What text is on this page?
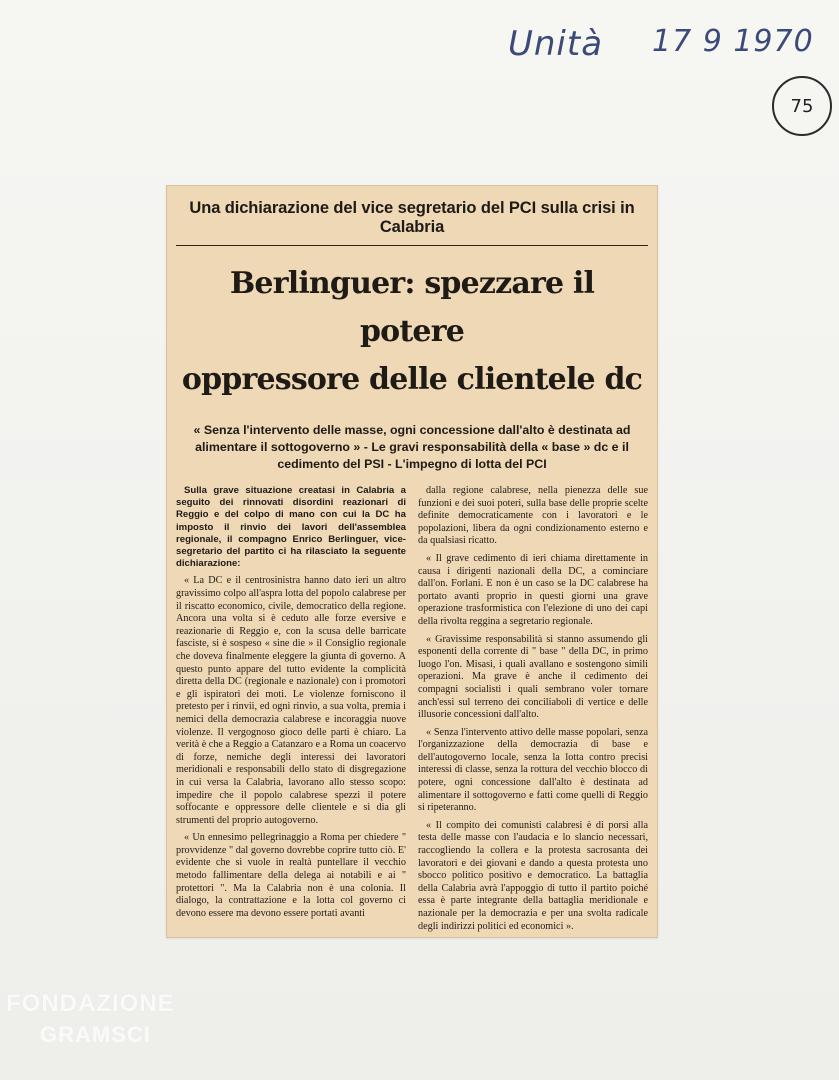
Unità 17 9 1970
75
Una dichiarazione del vice segretario del PCI sulla crisi in Calabria
Berlinguer: spezzare il potere
oppressore delle clientele dc
« Senza l'intervento delle masse, ogni concessione dall'alto è destinata ad alimentare il sottogoverno » - Le gravi responsabilità della « base » dc e il cedimento del PSI - L'impegno di lotta del PCI

Sulla grave situazione creatasi in Calabria a seguito dei rinnovati disordini reazionari di Reggio e del colpo di mano con cui la DC ha imposto il rinvio dei lavori dell'assemblea regionale, il compagno Enrico Berlinguer, vice-segretario del partito ci ha rilasciato la seguente dichiarazione:

« La DC e il centrosinistra hanno dato ieri un altro gravissimo colpo all'aspra lotta del popolo calabrese per il riscatto economico, civile, democratico della regione. Ancora una volta si è ceduto alle forze eversive e reazionarie di Reggio e, con la scusa delle barricate fasciste, si è sospeso « sine die » il Consiglio regionale che doveva finalmente eleggere la giunta di governo. A questo punto appare del tutto evidente la complicità diretta della DC (regionale e nazionale) con i promotori e gli ispiratori dei moti. Le violenze forniscono il pretesto per i rinvii, ed ogni rinvio, a sua volta, premia i nemici della democrazia calabrese e incoraggia nuove violenze. Il vergognoso gioco delle parti è chiaro. La verità è che a Reggio a Catanzaro e a Roma un coacervo di forze, nemiche degli interessi dei lavoratori meridionali e responsabili dello stato di disgregazione in cui versa la Calabria, lavorano allo stesso scopo: impedire che il popolo calabrese spezzi il potere soffocante e oppressore delle clientele e si dia gli strumenti del proprio autogoverno.

« Un ennesimo pellegrinaggio a Roma per chiedere " provvidenze " dal governo dovrebbe coprire tutto ciò. E' evidente che si vuole in realtà puntellare il vecchio metodo fallimentare della delega ai notabili e ai " protettori ". Ma la Calabria non è una colonia. Il dialogo, la contrattazione e la lotta col governo ci devono essere ma devono essere portati avanti

dalla regione calabrese, nella pienezza delle sue funzioni e dei suoi poteri, sulla base delle proprie scelte definite democraticamente con i lavoratori e le popolazioni, libera da ogni condizionamento esterno e da qualsiasi ricatto.

« Il grave cedimento di ieri chiama direttamente in causa i dirigenti nazionali della DC, a cominciare dall'on. Forlani. E non è un caso se la DC calabrese ha portato avanti proprio in questi giorni una grave operazione trasformistica con l'elezione di uno dei capi della rivolta reggina a segretario regionale.

« Gravissime responsabilità si stanno assumendo gli esponenti della corrente di " base " della DC, in primo luogo l'on. Misasi, i quali avallano e sostengono simili operazioni. Ma grave è anche il cedimento dei compagni socialisti i quali sembrano voler tornare anch'essi sul terreno dei conciliaboli di vertice e delle illusorie concessioni dall'alto.

« Senza l'intervento attivo delle masse popolari, senza l'organizzazione della democrazia di base e dell'autogoverno locale, senza la lotta contro precisi interessi di classe, senza la rottura del vecchio blocco di potere, ogni concessione dall'alto è destinata ad alimentare il sottogoverno e fatti come quelli di Reggio si ripeteranno.

« Il compito dei comunisti calabresi è di porsi alla testa delle masse con l'audacia e lo slancio necessari, raccogliendo la collera e la protesta sacrosanta dei lavoratori e dei giovani e dando a questa protesta uno sbocco politico positivo e democratico. La battaglia della Calabria avrà l'appoggio di tutto il partito poiché essa è parte integrante della battaglia meridionale e nazionale per la democrazia e per una svolta radicale degli indirizzi politici ed economici ».

FONDAZIONE
GRAMSCI
